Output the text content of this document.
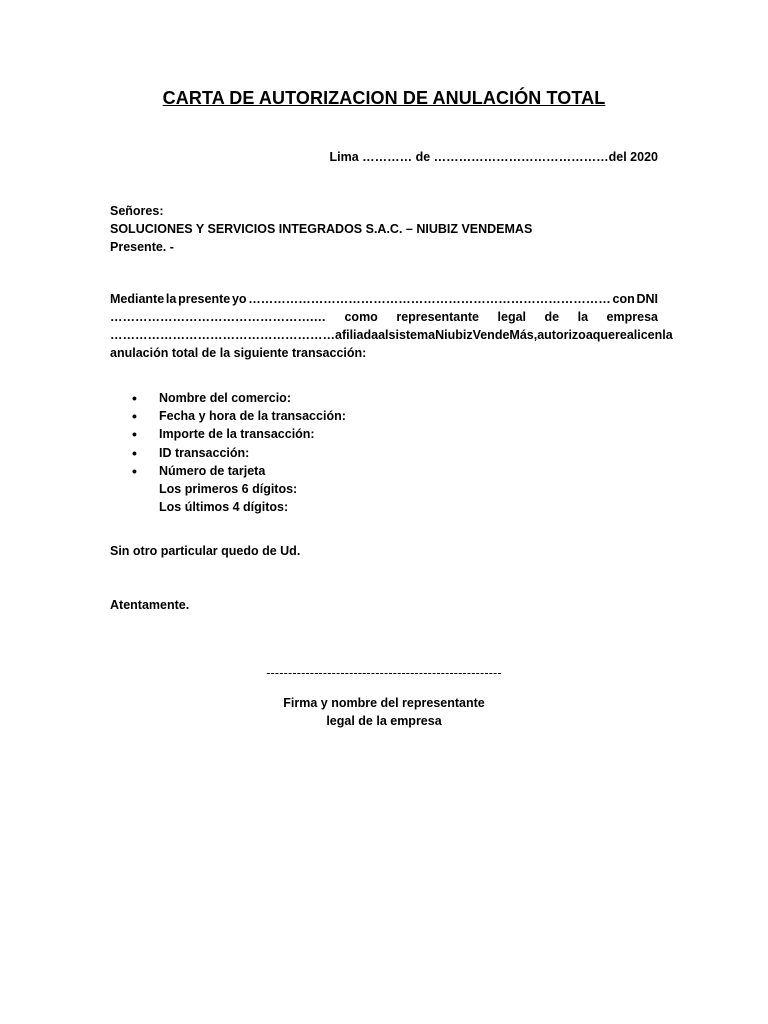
CARTA DE AUTORIZACION DE ANULACIÓN TOTAL
Lima ………… de ……………………………………del 2020
Señores:
SOLUCIONES Y SERVICIOS INTEGRADOS S.A.C. – NIUBIZ VENDEMAS
Presente. -
Mediante la presente yo …………………………………………………………………………… con DNI
………………………………………….… como representante legal de la empresa
……………………………………………… afiliada al sistema Niubiz VendeMás, autorizo a que realicen la
anulación total de la siguiente transacción:
• Nombre del comercio:
• Fecha y hora de la transacción:
• Importe de la transacción:
• ID transacción:
• Número de tarjeta
Los primeros 6 dígitos:
Los últimos 4 dígitos:
Sin otro particular quedo de Ud.
Atentamente.
------------------------------------------------------
Firma y nombre del representante
legal de la empresa
